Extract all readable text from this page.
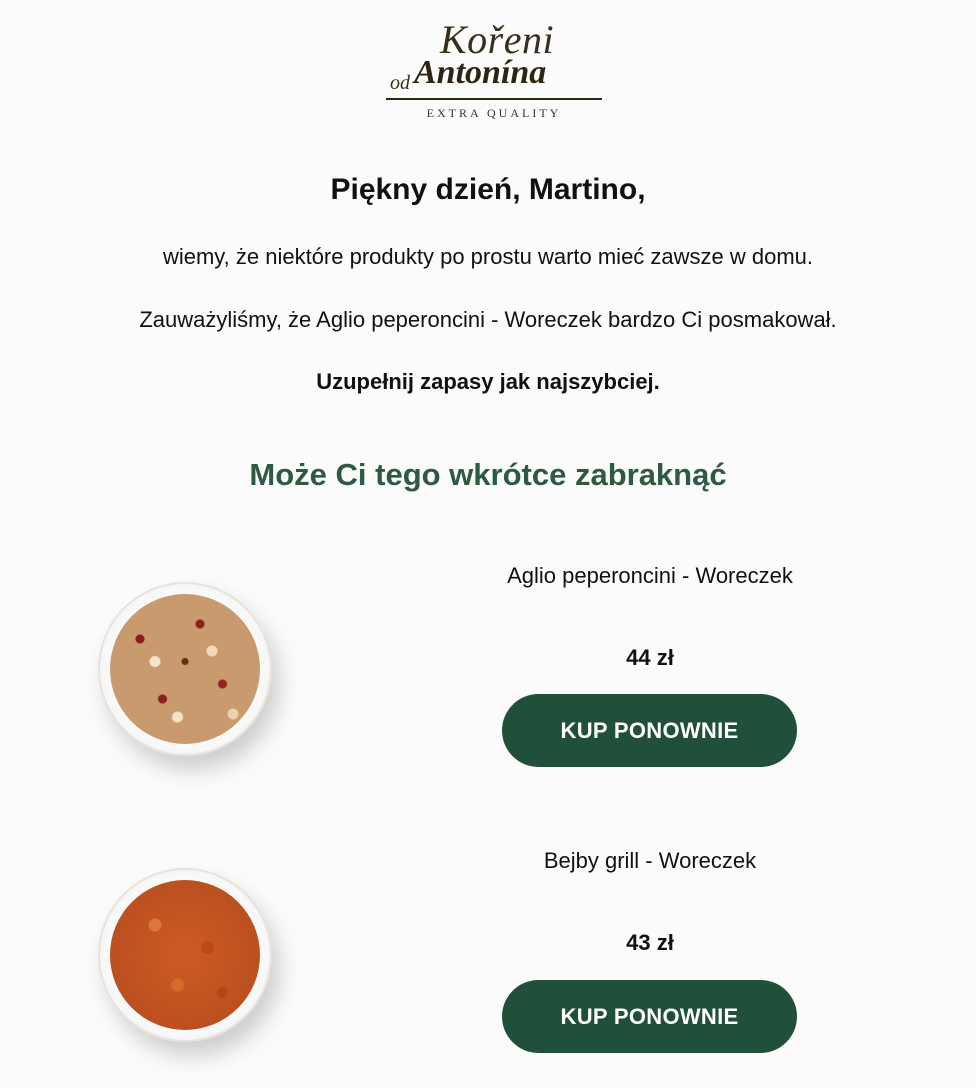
Kořeni
od Antonína
EXTRA QUALITY
Piękny dzień, Martino,
wiemy, że niektóre produkty po prostu warto mieć zawsze w domu.
Zauważyliśmy, że Aglio peperoncini - Woreczek bardzo Ci posmakował.
Uzupełnij zapasy jak najszybciej.
Może Ci tego wkrótce zabraknąć
Aglio peperoncini - Woreczek
44 zł
KUP PONOWNIE
Bejby grill - Woreczek
43 zł
KUP PONOWNIE
